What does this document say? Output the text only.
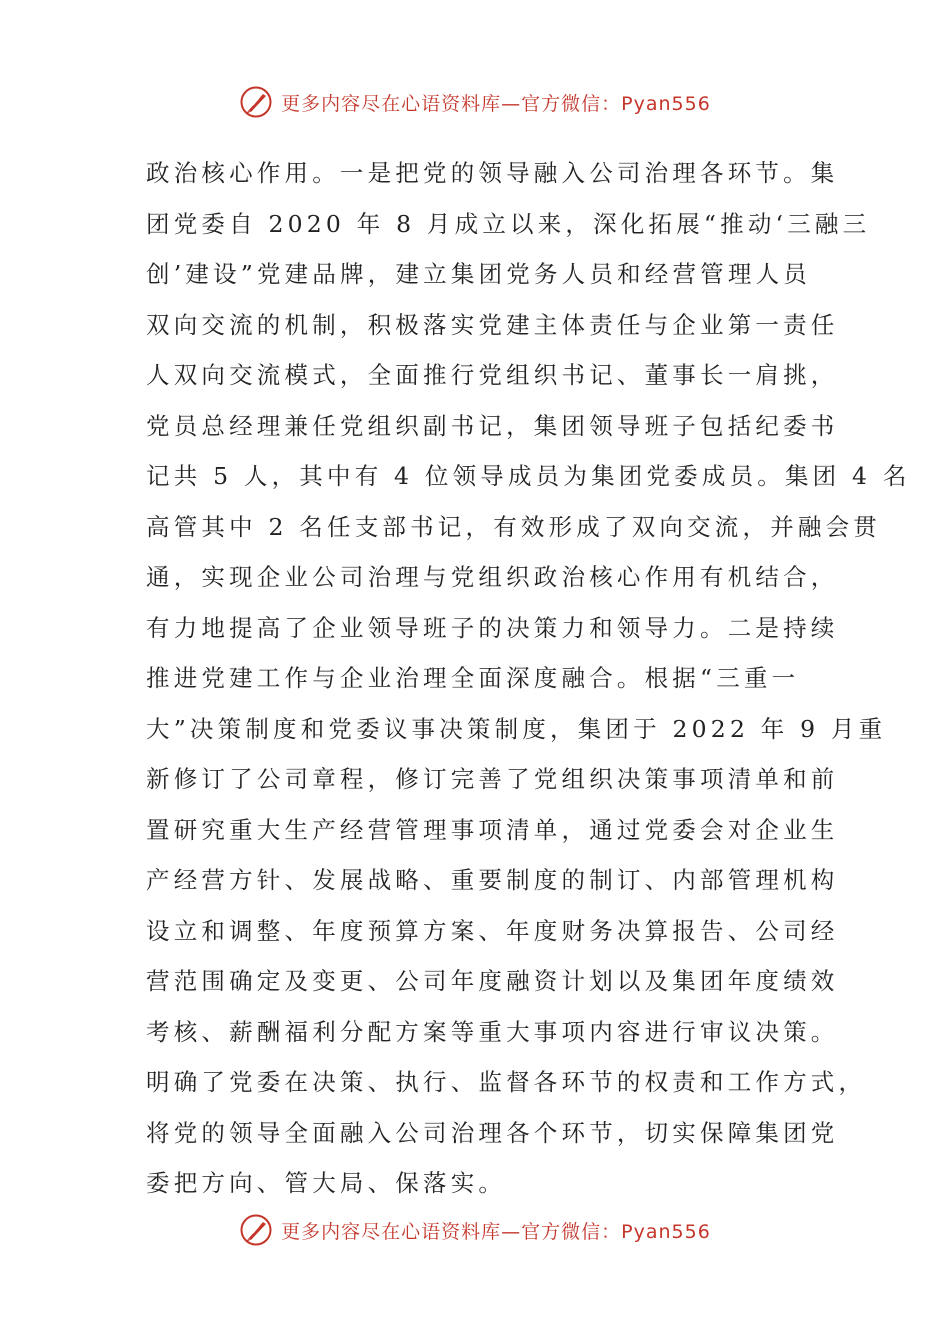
更多内容尽在心语资料库—官方微信：Pyan556
政治核心作用。一是把党的领导融入公司治理各环节。集
团党委自 2020 年 8 月成立以来，深化拓展“推动‘三融三
创’建设”党建品牌，建立集团党务人员和经营管理人员
双向交流的机制，积极落实党建主体责任与企业第一责任
人双向交流模式，全面推行党组织书记、董事长一肩挑，
党员总经理兼任党组织副书记，集团领导班子包括纪委书
记共 5 人，其中有 4 位领导成员为集团党委成员。集团 4 名
高管其中 2 名任支部书记，有效形成了双向交流，并融会贯
通，实现企业公司治理与党组织政治核心作用有机结合，
有力地提高了企业领导班子的决策力和领导力。二是持续
推进党建工作与企业治理全面深度融合。根据“三重一
大”决策制度和党委议事决策制度，集团于 2022 年 9 月重
新修订了公司章程，修订完善了党组织决策事项清单和前
置研究重大生产经营管理事项清单，通过党委会对企业生
产经营方针、发展战略、重要制度的制订、内部管理机构
设立和调整、年度预算方案、年度财务决算报告、公司经
营范围确定及变更、公司年度融资计划以及集团年度绩效
考核、薪酬福利分配方案等重大事项内容进行审议决策。
明确了党委在决策、执行、监督各环节的权责和工作方式，
将党的领导全面融入公司治理各个环节，切实保障集团党
委把方向、管大局、保落实。
更多内容尽在心语资料库—官方微信：Pyan556
